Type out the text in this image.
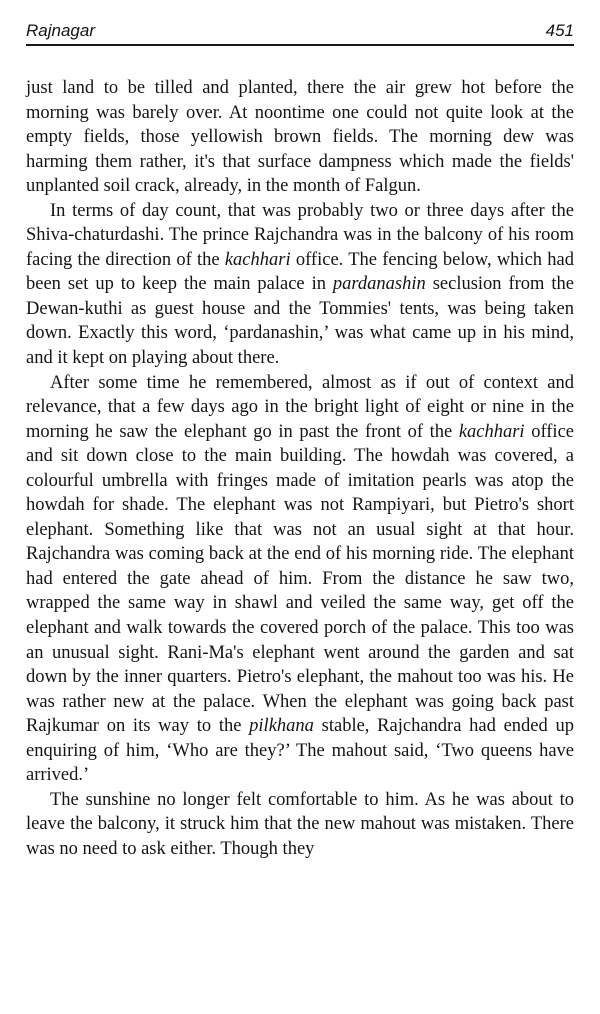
Rajnagar	451

just land to be tilled and planted, there the air grew hot before the morning was barely over. At noontime one could not quite look at the empty fields, those yellowish brown fields. The morning dew was harming them rather, it's that surface dampness which made the fields' unplanted soil crack, already, in the month of Falgun.

In terms of day count, that was probably two or three days after the Shiva-chaturdashi. The prince Rajchandra was in the balcony of his room facing the direction of the kachhari office. The fencing below, which had been set up to keep the main palace in pardanashin seclusion from the Dewan-kuthi as guest house and the Tommies' tents, was being taken down. Exactly this word, ‘pardanashin,’ was what came up in his mind, and it kept on playing about there.

After some time he remembered, almost as if out of context and relevance, that a few days ago in the bright light of eight or nine in the morning he saw the elephant go in past the front of the kachhari office and sit down close to the main building. The howdah was covered, a colourful umbrella with fringes made of imitation pearls was atop the howdah for shade. The elephant was not Rampiyari, but Pietro's short elephant. Something like that was not an usual sight at that hour. Rajchandra was coming back at the end of his morning ride. The elephant had entered the gate ahead of him. From the distance he saw two, wrapped the same way in shawl and veiled the same way, get off the elephant and walk towards the covered porch of the palace. This too was an unusual sight. Rani-Ma's elephant went around the garden and sat down by the inner quarters. Pietro's elephant, the mahout too was his. He was rather new at the palace. When the elephant was going back past Rajkumar on its way to the pilkhana stable, Rajchandra had ended up enquiring of him, ‘Who are they?’ The mahout said, ‘Two queens have arrived.’

The sunshine no longer felt comfortable to him. As he was about to leave the balcony, it struck him that the new mahout was mistaken. There was no need to ask either. Though they
